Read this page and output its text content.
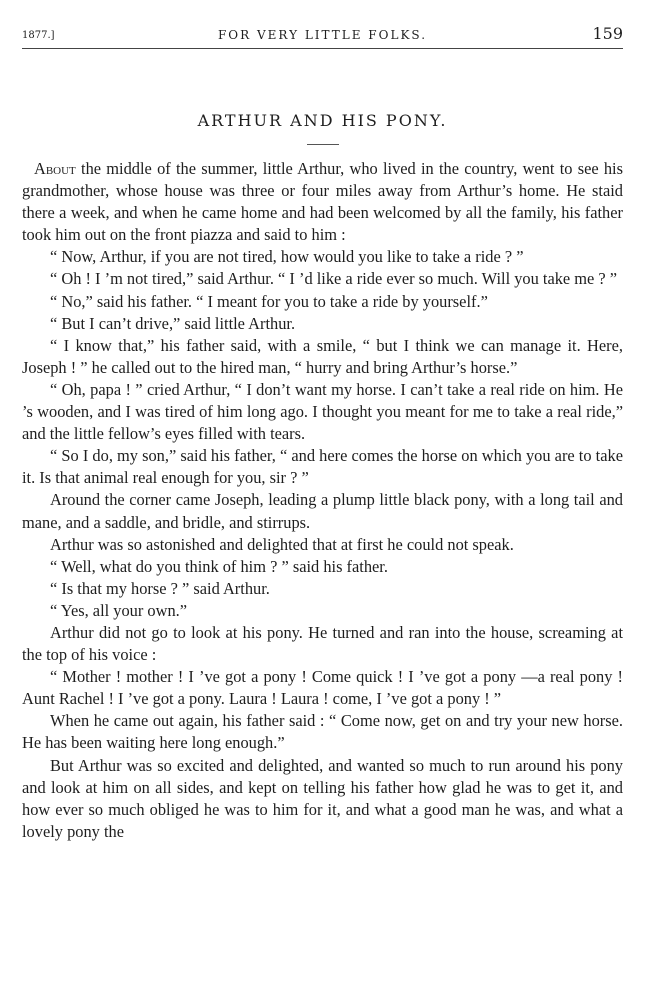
1877.]	FOR VERY LITTLE FOLKS.	159
ARTHUR AND HIS PONY.

About the middle of the summer, little Arthur, who lived in the country, went to see his grandmother, whose house was three or four miles away from Arthur’s home. He staid there a week, and when he came home and had been welcomed by all the family, his father took him out on the front piazza and said to him :

“ Now, Arthur, if you are not tired, how would you like to take a ride ? ”

“ Oh ! I ’m not tired,” said Arthur. “ I ’d like a ride ever so much. Will you take me ? ”

“ No,” said his father. “ I meant for you to take a ride by yourself.”

“ But I can’t drive,” said little Arthur.

“ I know that,” his father said, with a smile, “ but I think we can manage it. Here, Joseph ! ” he called out to the hired man, “ hurry and bring Arthur’s horse.”

“ Oh, papa ! ” cried Arthur, “ I don’t want my horse. I can’t take a real ride on him. He ’s wooden, and I was tired of him long ago. I thought you meant for me to take a real ride,” and the little fellow’s eyes filled with tears.

“ So I do, my son,” said his father, “ and here comes the horse on which you are to take it. Is that animal real enough for you, sir ? ”

Around the corner came Joseph, leading a plump little black pony, with a long tail and mane, and a saddle, and bridle, and stirrups.

Arthur was so astonished and delighted that at first he could not speak.

“ Well, what do you think of him ? ” said his father.

“ Is that my horse ? ” said Arthur.

“ Yes, all your own.”

Arthur did not go to look at his pony. He turned and ran into the house, screaming at the top of his voice :

“ Mother ! mother ! I ’ve got a pony ! Come quick ! I ’ve got a pony —a real pony ! Aunt Rachel ! I ’ve got a pony. Laura ! Laura ! come, I ’ve got a pony ! ”

When he came out again, his father said : “ Come now, get on and try your new horse. He has been waiting here long enough.”

But Arthur was so excited and delighted, and wanted so much to run around his pony and look at him on all sides, and kept on telling his father how glad he was to get it, and how ever so much obliged he was to him for it, and what a good man he was, and what a lovely pony the
